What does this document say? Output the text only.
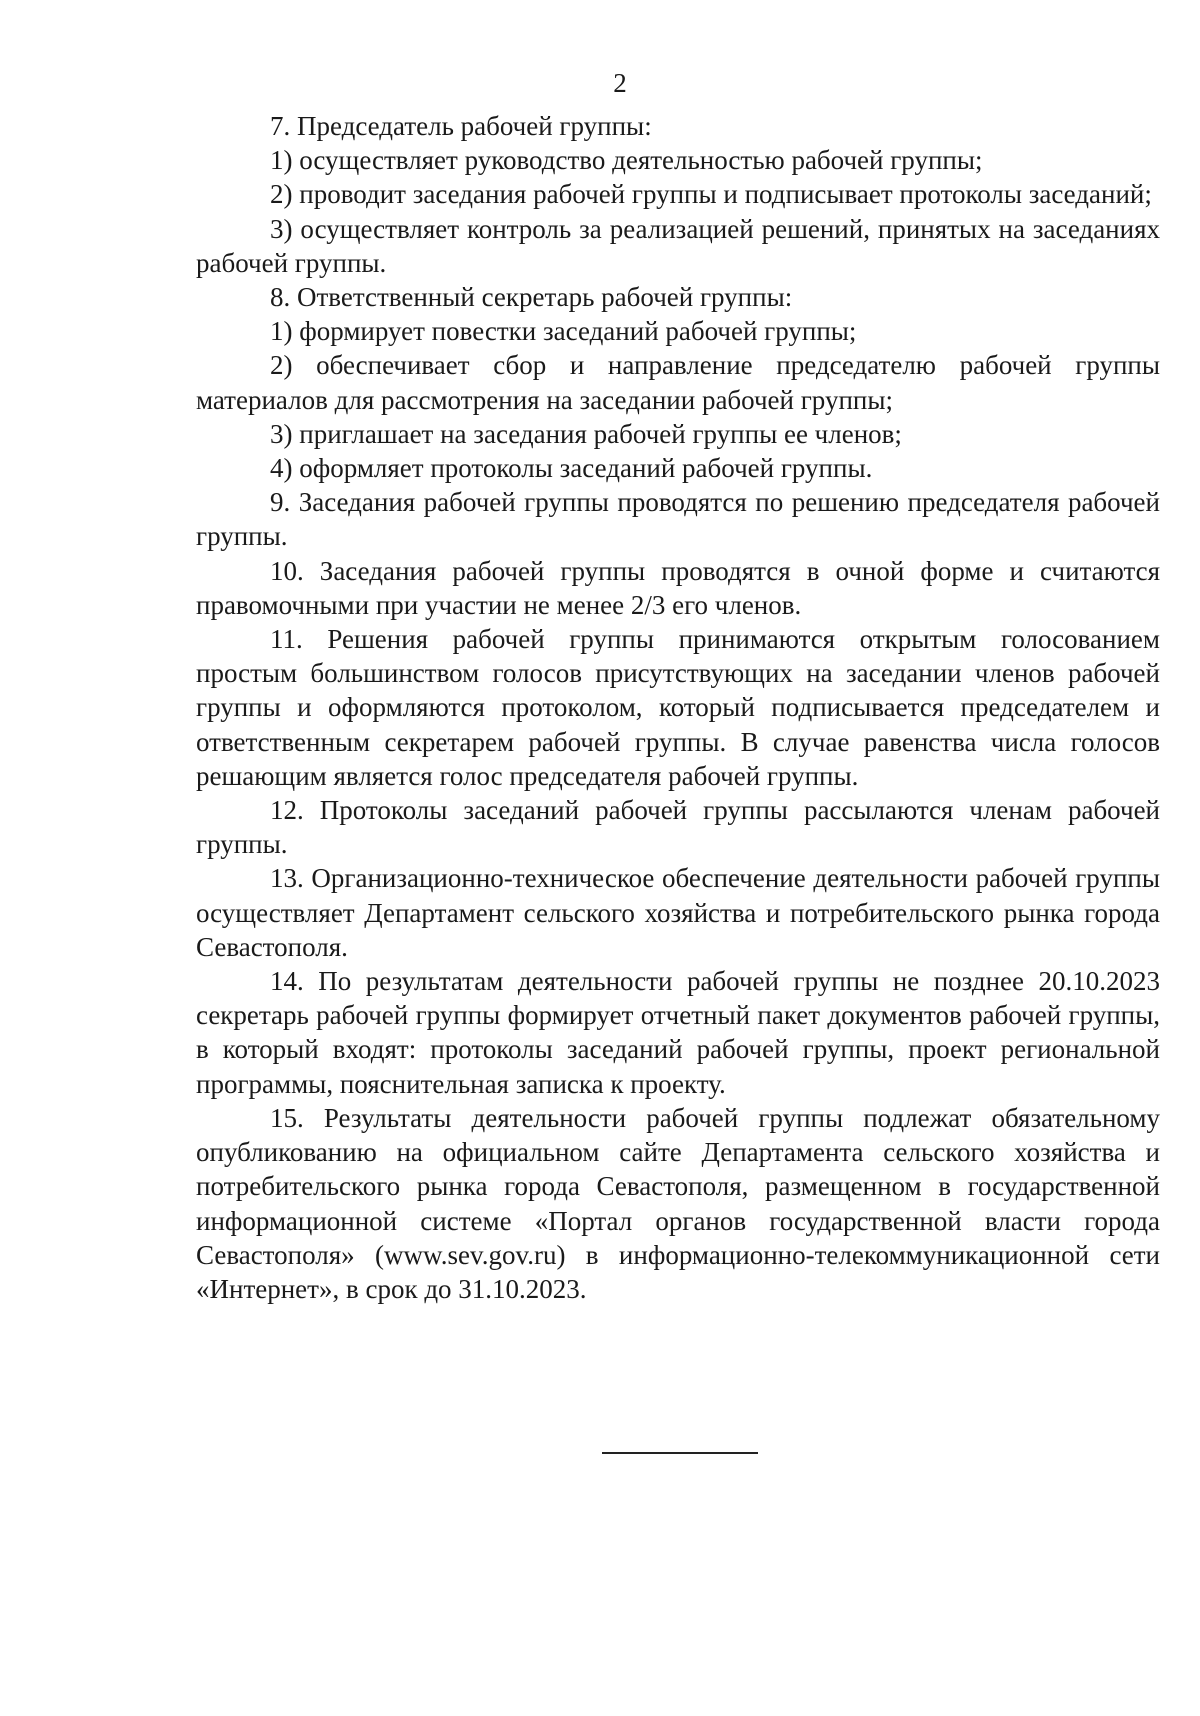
2

7. Председатель рабочей группы:

1) осуществляет руководство деятельностью рабочей группы;

2) проводит заседания рабочей группы и подписывает протоколы заседаний;

3) осуществляет контроль за реализацией решений, принятых на заседаниях рабочей группы.

8. Ответственный секретарь рабочей группы:

1) формирует повестки заседаний рабочей группы;

2) обеспечивает сбор и направление председателю рабочей группы материалов для рассмотрения на заседании рабочей группы;

3) приглашает на заседания рабочей группы ее членов;

4) оформляет протоколы заседаний рабочей группы.

9. Заседания рабочей группы проводятся по решению председателя рабочей группы.

10. Заседания рабочей группы проводятся в очной форме и считаются правомочными при участии не менее 2/3 его членов.

11. Решения рабочей группы принимаются открытым голосованием простым большинством голосов присутствующих на заседании членов рабочей группы и оформляются протоколом, который подписывается председателем и ответственным секретарем рабочей группы. В случае равенства числа голосов решающим является голос председателя рабочей группы.

12. Протоколы заседаний рабочей группы рассылаются членам рабочей группы.

13. Организационно-техническое обеспечение деятельности рабочей группы осуществляет Департамент сельского хозяйства и потребительского рынка города Севастополя.

14. По результатам деятельности рабочей группы не позднее 20.10.2023 секретарь рабочей группы формирует отчетный пакет документов рабочей группы, в который входят: протоколы заседаний рабочей группы, проект региональной программы, пояснительная записка к проекту.

15. Результаты деятельности рабочей группы подлежат обязательному опубликованию на официальном сайте Департамента сельского хозяйства и потребительского рынка города Севастополя, размещенном в государственной информационной системе «Портал органов государственной власти города Севастополя» (www.sev.gov.ru) в информационно-телекоммуникационной сети «Интернет», в срок до 31.10.2023.
